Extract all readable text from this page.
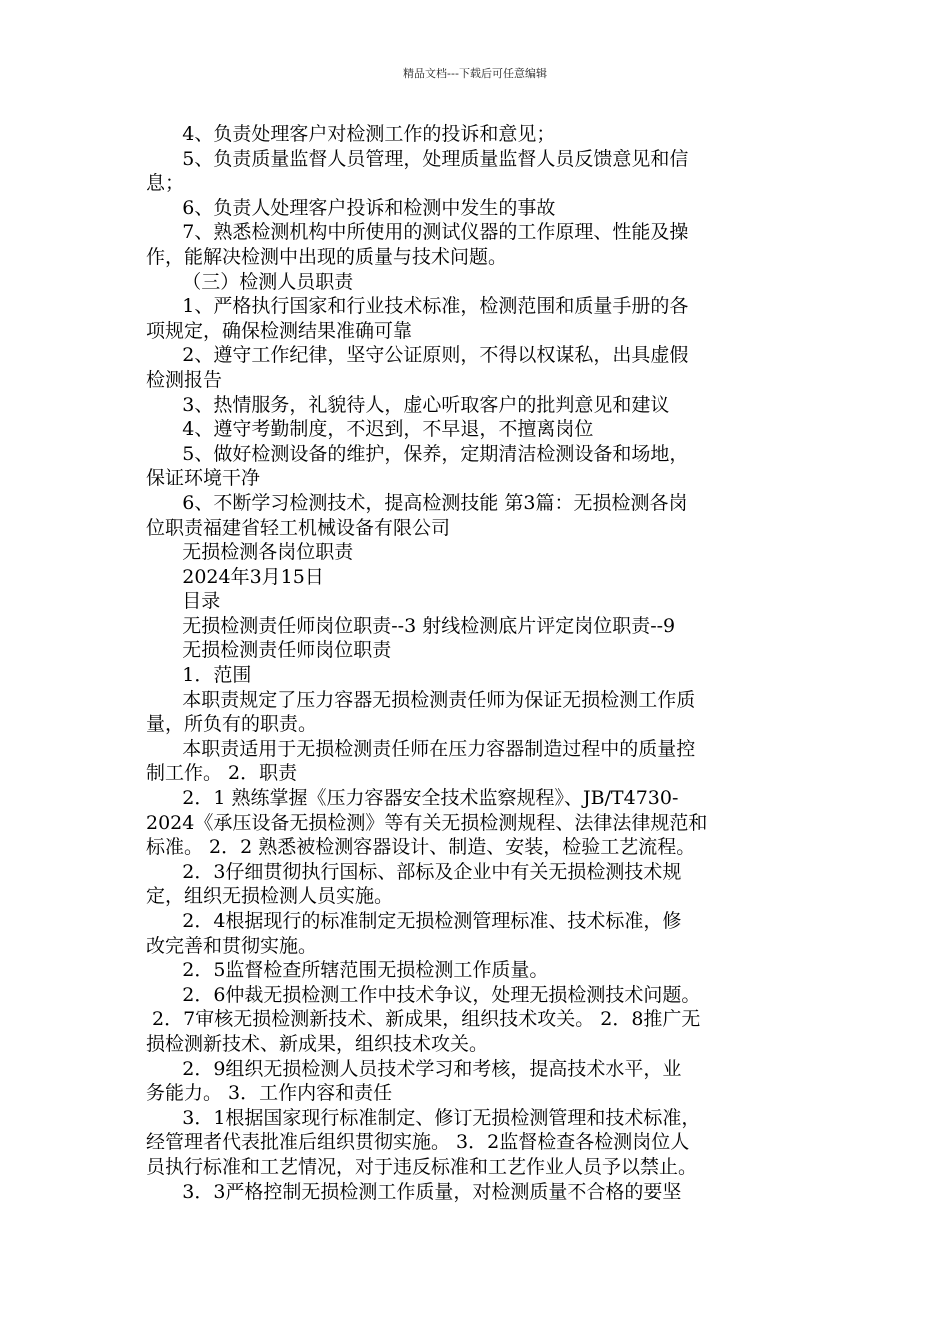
精品文档---下载后可任意编辑
4、负责处理客户对检测工作的投诉和意见；
5、负责质量监督人员管理，处理质量监督人员反馈意见和信
息；
6、负责人处理客户投诉和检测中发生的事故
7、熟悉检测机构中所使用的测试仪器的工作原理、性能及操
作，能解决检测中出现的质量与技术问题。
（三）检测人员职责
1、严格执行国家和行业技术标准，检测范围和质量手册的各
项规定，确保检测结果准确可靠
2、遵守工作纪律，坚守公证原则，不得以权谋私，出具虚假
检测报告
3、热情服务，礼貌待人，虚心听取客户的批判意见和建议
4、遵守考勤制度，不迟到，不早退，不擅离岗位
5、做好检测设备的维护，保养，定期清洁检测设备和场地，
保证环境干净
6、不断学习检测技术，提高检测技能 第3篇：无损检测各岗
位职责福建省轻工机械设备有限公司
无损检测各岗位职责
2024年3月15日
目录
无损检测责任师岗位职责--3 射线检测底片评定岗位职责--9
无损检测责任师岗位职责
1．范围
本职责规定了压力容器无损检测责任师为保证无损检测工作质
量，所负有的职责。
本职责适用于无损检测责任师在压力容器制造过程中的质量控
制工作。 2．职责
2．1 熟练掌握《压力容器安全技术监察规程》、JB/T4730-
2024《承压设备无损检测》等有关无损检测规程、法律法律规范和
标准。 2．2 熟悉被检测容器设计、制造、安装，检验工艺流程。
2．3仔细贯彻执行国标、部标及企业中有关无损检测技术规
定，组织无损检测人员实施。
2．4根据现行的标准制定无损检测管理标准、技术标准，修
改完善和贯彻实施。
2．5监督检查所辖范围无损检测工作质量。
2．6仲裁无损检测工作中技术争议，处理无损检测技术问题。
2．7审核无损检测新技术、新成果，组织技术攻关。 2．8推广无
损检测新技术、新成果，组织技术攻关。
2．9组织无损检测人员技术学习和考核，提高技术水平，业
务能力。 3．工作内容和责任
3．1根据国家现行标准制定、修订无损检测管理和技术标准，
经管理者代表批准后组织贯彻实施。 3．2监督检查各检测岗位人
员执行标准和工艺情况，对于违反标准和工艺作业人员予以禁止。
3．3严格控制无损检测工作质量，对检测质量不合格的要坚
